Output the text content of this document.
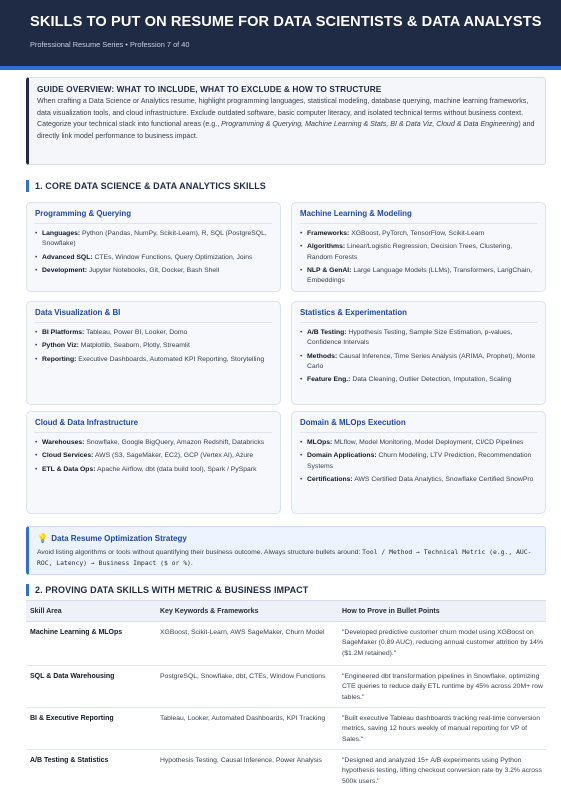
SKILLS TO PUT ON RESUME FOR DATA SCIENTISTS & DATA ANALYSTS
Professional Resume Series • Profession 7 of 40
GUIDE OVERVIEW: WHAT TO INCLUDE, WHAT TO EXCLUDE & HOW TO STRUCTURE
When crafting a Data Science or Analytics resume, highlight programming languages, statistical modeling, database querying, machine learning frameworks, data visualization tools, and cloud infrastructure. Exclude outdated software, basic computer literacy, and isolated technical terms without business context. Categorize your technical stack into functional areas (e.g., Programming & Querying, Machine Learning & Stats, BI & Data Viz, Cloud & Data Engineering) and directly link model performance to business impact.
1. CORE DATA SCIENCE & DATA ANALYTICS SKILLS
Programming & Querying
• Languages: Python (Pandas, NumPy, Scikit-Learn), R, SQL (PostgreSQL, Snowflake)
• Advanced SQL: CTEs, Window Functions, Query Optimization, Joins
• Development: Jupyter Notebooks, Git, Docker, Bash Shell
Machine Learning & Modeling
• Frameworks: XGBoost, PyTorch, TensorFlow, Scikit-Learn
• Algorithms: Linear/Logistic Regression, Decision Trees, Clustering, Random Forests
• NLP & GenAI: Large Language Models (LLMs), Transformers, LangChain, Embeddings
Data Visualization & BI
• BI Platforms: Tableau, Power BI, Looker, Domo
• Python Viz: Matplotlib, Seaborn, Plotly, Streamlit
• Reporting: Executive Dashboards, Automated KPI Reporting, Storytelling
Statistics & Experimentation
• A/B Testing: Hypothesis Testing, Sample Size Estimation, p-values, Confidence Intervals
• Methods: Causal Inference, Time Series Analysis (ARIMA, Prophet), Monte Carlo
• Feature Eng.: Data Cleaning, Outlier Detection, Imputation, Scaling
Cloud & Data Infrastructure
• Warehouses: Snowflake, Google BigQuery, Amazon Redshift, Databricks
• Cloud Services: AWS (S3, SageMaker, EC2), GCP (Vertex AI), Azure
• ETL & Data Ops: Apache Airflow, dbt (data build tool), Spark / PySpark
Domain & MLOps Execution
• MLOps: MLflow, Model Monitoring, Model Deployment, CI/CD Pipelines
• Domain Applications: Churn Modeling, LTV Prediction, Recommendation Systems
• Certifications: AWS Certified Data Analytics, Snowflake Certified SnowPro
💡 Data Resume Optimization Strategy
Avoid listing algorithms or tools without quantifying their business outcome. Always structure bullets around: Tool / Method → Technical Metric (e.g., AUC-ROC, Latency) → Business Impact ($ or %).
2. PROVING DATA SKILLS WITH METRIC & BUSINESS IMPACT
Skill Area	Key Keywords & Frameworks	How to Prove in Bullet Points
Machine Learning & MLOps	XGBoost, Scikit-Learn, AWS SageMaker, Churn Model	"Developed predictive customer churn model using XGBoost on SageMaker (0.89 AUC), reducing annual customer attrition by 14% ($1.2M retained)."
SQL & Data Warehousing	PostgreSQL, Snowflake, dbt, CTEs, Window Functions	"Engineered dbt transformation pipelines in Snowflake, optimizing CTE queries to reduce daily ETL runtime by 45% across 20M+ row tables."
BI & Executive Reporting	Tableau, Looker, Automated Dashboards, KPI Tracking	"Built executive Tableau dashboards tracking real-time conversion metrics, saving 12 hours weekly of manual reporting for VP of Sales."
A/B Testing & Statistics	Hypothesis Testing, Causal Inference, Power Analysis	"Designed and analyzed 15+ A/B experiments using Python hypothesis testing, lifting checkout conversion rate by 3.2% across 500k users."
